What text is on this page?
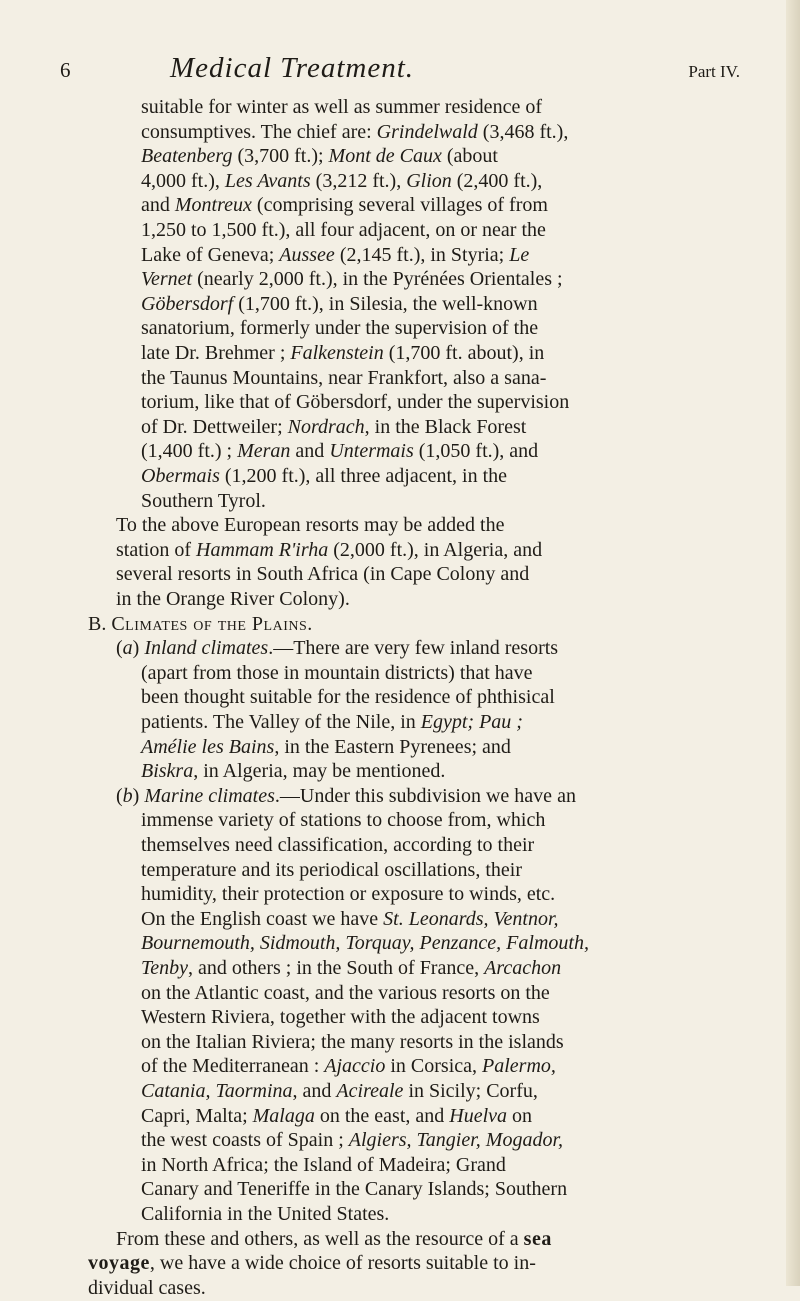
6	Medical Treatment.	Part IV.
suitable for winter as well as summer residence of
consumptives. The chief are: Grindelwald (3,468 ft.),
Beatenberg (3,700 ft.); Mont de Caux (about
4,000 ft.), Les Avants (3,212 ft.), Glion (2,400 ft.),
and Montreux (comprising several villages of from
1,250 to 1,500 ft.), all four adjacent, on or near the
Lake of Geneva; Aussee (2,145 ft.), in Styria; Le
Vernet (nearly 2,000 ft.), in the Pyrénées Orientales ;
Göbersdorf (1,700 ft.), in Silesia, the well-known
sanatorium, formerly under the supervision of the
late Dr. Brehmer ; Falkenstein (1,700 ft. about), in
the Taunus Mountains, near Frankfort, also a sana-
torium, like that of Göbersdorf, under the supervision
of Dr. Dettweiler; Nordrach, in the Black Forest
(1,400 ft.) ; Meran and Untermais (1,050 ft.), and
Obermais (1,200 ft.), all three adjacent, in the
Southern Tyrol.
To the above European resorts may be added the
station of Hammam R'irha (2,000 ft.), in Algeria, and
several resorts in South Africa (in Cape Colony and
in the Orange River Colony).
B. Climates of the Plains.
(a) Inland climates.—There are very few inland resorts
(apart from those in mountain districts) that have
been thought suitable for the residence of phthisical
patients. The Valley of the Nile, in Egypt; Pau ;
Amélie les Bains, in the Eastern Pyrenees; and
Biskra, in Algeria, may be mentioned.
(b) Marine climates.—Under this subdivision we have an
immense variety of stations to choose from, which
themselves need classification, according to their
temperature and its periodical oscillations, their
humidity, their protection or exposure to winds, etc.
On the English coast we have St. Leonards, Ventnor,
Bournemouth, Sidmouth, Torquay, Penzance, Falmouth,
Tenby, and others ; in the South of France, Arcachon
on the Atlantic coast, and the various resorts on the
Western Riviera, together with the adjacent towns
on the Italian Riviera; the many resorts in the islands
of the Mediterranean : Ajaccio in Corsica, Palermo,
Catania, Taormina, and Acireale in Sicily; Corfu,
Capri, Malta; Malaga on the east, and Huelva on
the west coasts of Spain ; Algiers, Tangier, Mogador,
in North Africa; the Island of Madeira; Grand
Canary and Teneriffe in the Canary Islands; Southern
California in the United States.
From these and others, as well as the resource of a sea
voyage, we have a wide choice of resorts suitable to in-
dividual cases.
